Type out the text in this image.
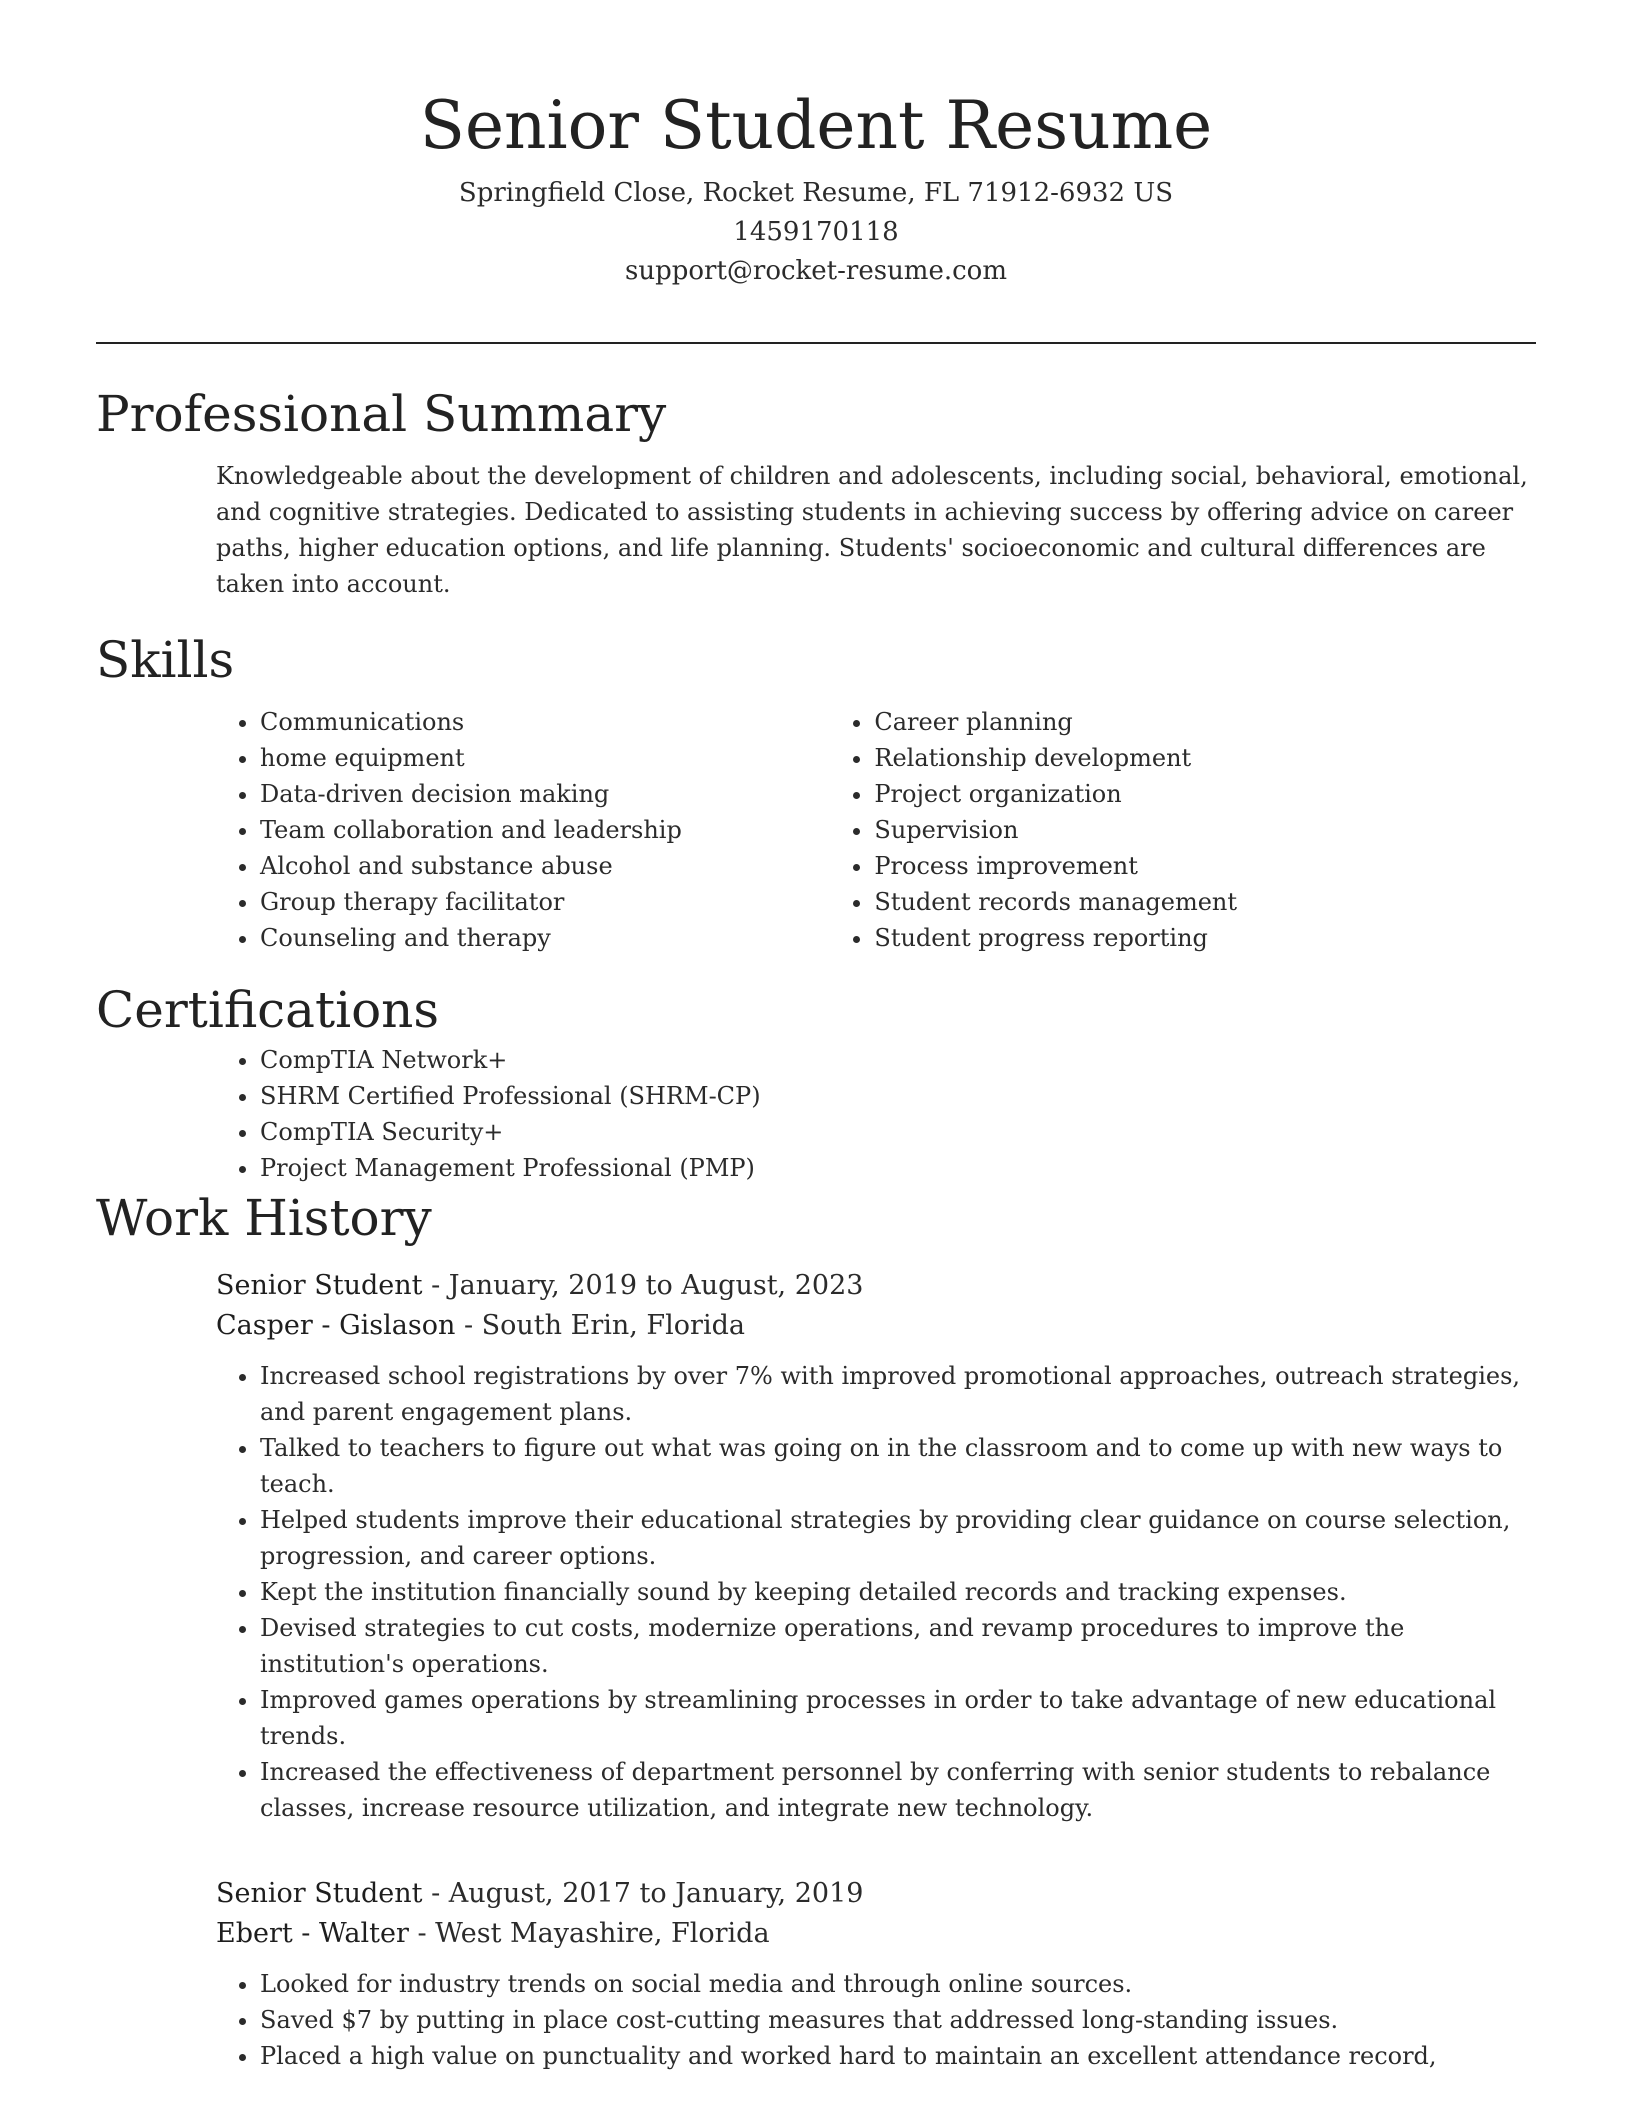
Senior Student Resume
Springfield Close, Rocket Resume, FL 71912-6932 US
1459170118
support@rocket-resume.com
Professional Summary

Knowledgeable about the development of children and adolescents, including social, behavioral, emotional, and cognitive strategies. Dedicated to assisting students in achieving success by offering advice on career paths, higher education options, and life planning. Students' socioeconomic and cultural differences are taken into account.

Skills
• Communications
• home equipment
• Data-driven decision making
• Team collaboration and leadership
• Alcohol and substance abuse
• Group therapy facilitator
• Counseling and therapy
• Career planning
• Relationship development
• Project organization
• Supervision
• Process improvement
• Student records management
• Student progress reporting
Certifications
• CompTIA Network+
• SHRM Certified Professional (SHRM-CP)
• CompTIA Security+
• Project Management Professional (PMP)
Work History
Senior Student - January, 2019 to August, 2023
Casper - Gislason - South Erin, Florida
• Increased school registrations by over 7% with improved promotional approaches, outreach strategies, and parent engagement plans.
• Talked to teachers to figure out what was going on in the classroom and to come up with new ways to teach.
• Helped students improve their educational strategies by providing clear guidance on course selection, progression, and career options.
• Kept the institution financially sound by keeping detailed records and tracking expenses.
• Devised strategies to cut costs, modernize operations, and revamp procedures to improve the institution's operations.
• Improved games operations by streamlining processes in order to take advantage of new educational trends.
• Increased the effectiveness of department personnel by conferring with senior students to rebalance classes, increase resource utilization, and integrate new technology.
Senior Student - August, 2017 to January, 2019
Ebert - Walter - West Mayashire, Florida
• Looked for industry trends on social media and through online sources.
• Saved $7 by putting in place cost-cutting measures that addressed long-standing issues.
• Placed a high value on punctuality and worked hard to maintain an excellent attendance record,
